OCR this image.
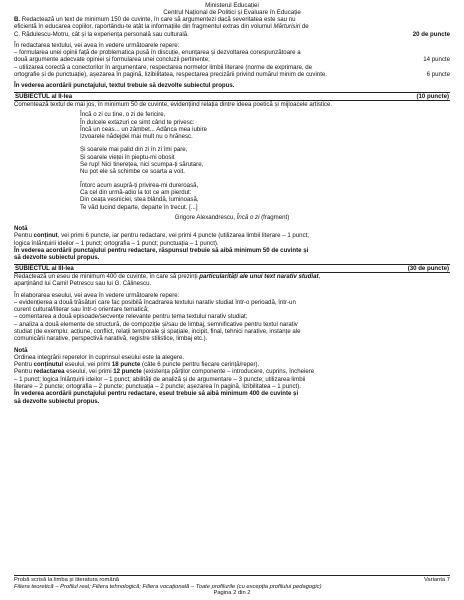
Ministerul Educației
Centrul Național de Politici și Evaluare în Educație

B. Redactează un text de minimum 150 de cuvinte, în care să argumentezi dacă severitatea este sau nu

eficientă în educarea copiilor, raportându-te atât la informațiile din fragmentul extras din volumul Mărturisiri de

C. Rădulescu-Motru, cât și la experiența personală sau culturală.	20 de puncte

În redactarea textului, vei avea în vedere următoarele repere:

– formularea unei opinii față de problematica pusă în discuție, enunțarea și dezvoltarea corespunzătoare a

două argumente adecvate opiniei și formularea unei concluzii pertinente;	14 puncte

– utilizarea corectă a conectorilor în argumentare, respectarea normelor limbii literare (norme de exprimare, de

ortografie și de punctuație), așezarea în pagină, lizibilitatea, respectarea precizării privind numărul minim de cuvinte.	6 puncte

În vederea acordării punctajului, textul trebuie să dezvolte subiectul propus.

SUBIECTUL al II-lea	(10 puncte)

Comentează textul de mai jos, în minimum 50 de cuvinte, evidențiind relația dintre ideea poetică și mijloacele artistice.

Încă o zi cu tine, o zi de fericire,
În dulcele extazuri ce simt când te privesc:
Încă un ceas... un zâmbet... Adânca mea iubire
Izvoarele nădejdei mai mult nu o hrănesc.
Și soarele mai palid din zi în zi îmi pare,
Și soarele vieței în pieptu-mi obosit
Se rup! Nici tinerețea, nici scumpa-ți sărutare,
Nu pot ele să schimbe ce soarta a voit.
Întorc acum asupră-ți privirea-mi dureroasă,
Ca cel din urmă-adio la tot ce am pierdut:
Din ceața vesniciei, stea blândă, luminoasă,
Te văd lucind departe, departe în trecut. [...]
Grigore Alexandrescu, Încă o zi (fragment)

Notă

Pentru conținut, vei primi 6 puncte, iar pentru redactare, vei primi 4 puncte (utilizarea limbii literare – 1 punct;

logica înlănțuirii ideilor – 1 punct; ortografia – 1 punct; punctuația – 1 punct).

În vederea acordării punctajului pentru redactare, răspunsul trebuie să aibă minimum 50 de cuvinte și

să dezvolte subiectul propus.

SUBIECTUL al III-lea	(30 de puncte)

Redactează un eseu de minimum 400 de cuvinte, în care să prezinți particularități ale unui text narativ studiat,

aparținând lui Camil Petrescu sau lui G. Călinescu.

În elaborarea eseului, vei avea în vedere următoarele repere:

– evidențierea a două trăsături care fac posibilă încadrarea textului narativ studiat într-o perioadă, într-un

curent cultural/literar sau într-o orientare tematică;

– comentarea a două episoade/secvențe relevante pentru tema textului narativ studiat;

– analiza a două elemente de structură, de compoziție și/sau de limbaj, semnificative pentru textul narativ

studiat (de exemplu: acțiune, conflict, relații temporale și spațiale, incipit, final, tehnici narative, instanțe ale

comunicării narative, perspectivă narativă, registre stilistice, limbaj etc.).

Notă

Ordinea integrării reperelor în cuprinsul eseului este la alegere.

Pentru conținutul eseului, vei primi 18 puncte (câte 6 puncte pentru fiecare cerință/reper).

Pentru redactarea eseului, vei primi 12 puncte (existența părților componente – introducere, cuprins, încheiere

– 1 punct; logica înlănțuirii ideilor – 1 punct; abilități de analiză și de argumentare – 3 puncte; utilizarea limbii

literare – 2 puncte; ortografia – 2 puncte; punctuația – 2 puncte; așezarea în pagină, lizibilitatea – 1 punct).

În vederea acordării punctajului pentru redactare, eseul trebuie să aibă minimum 400 de cuvinte și

să dezvolte subiectul propus.

Probă scrisă la limba și literatura română	Varianta 7
Filiera teoretică – Profilul real; Filiera tehnologică; Filiera vocațională – Toate profilurile (cu excepția profilului pedagogic)
Pagina 2 din 2
